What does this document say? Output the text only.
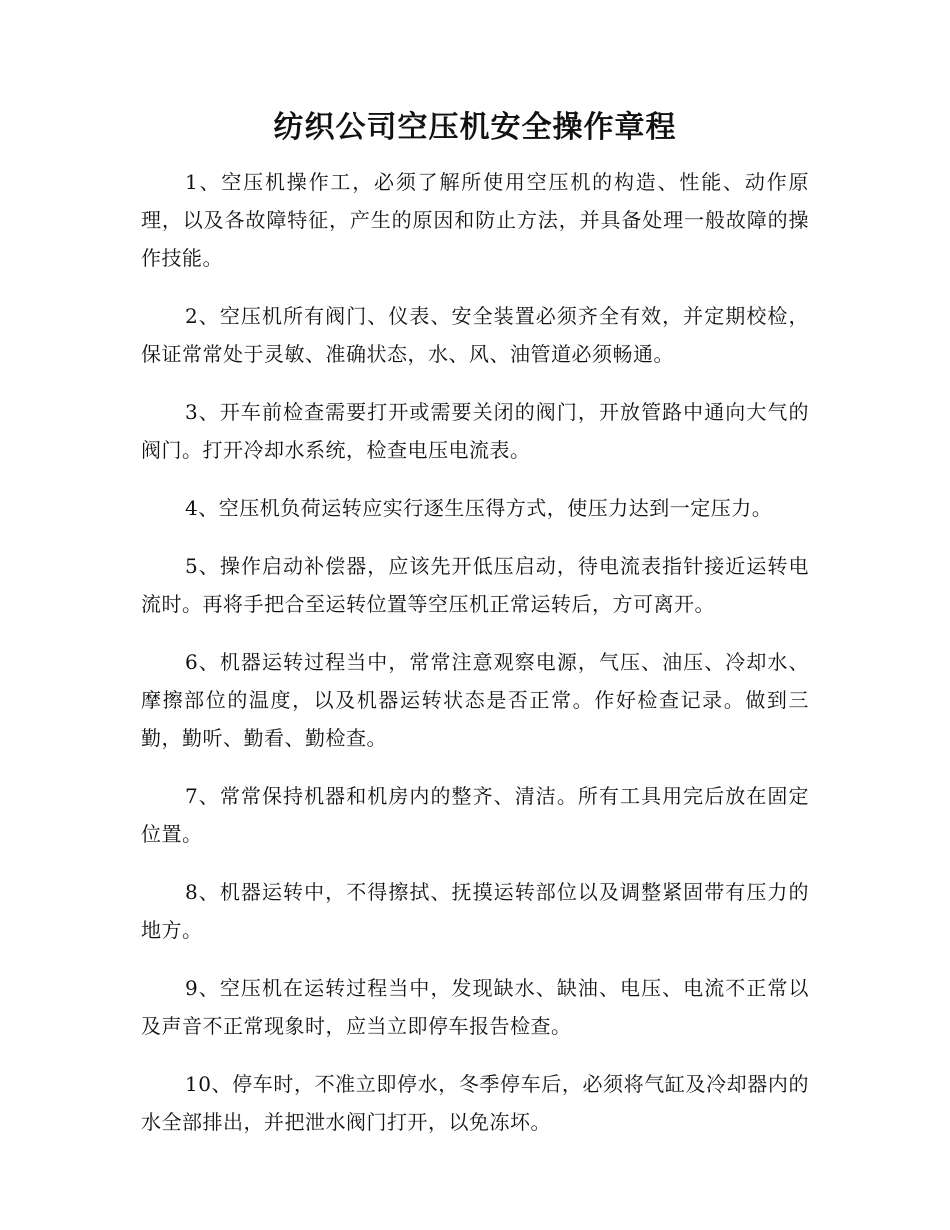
纺织公司空压机安全操作章程

1、空压机操作工，必须了解所使用空压机的构造、性能、动作原理，以及各故障特征，产生的原因和防止方法，并具备处理一般故障的操作技能。

2、空压机所有阀门、仪表、安全装置必须齐全有效，并定期校检，保证常常处于灵敏、准确状态，水、风、油管道必须畅通。

3、开车前检查需要打开或需要关闭的阀门，开放管路中通向大气的阀门。打开冷却水系统，检查电压电流表。

4、空压机负荷运转应实行逐生压得方式，使压力达到一定压力。

5、操作启动补偿器，应该先开低压启动，待电流表指针接近运转电流时。再将手把合至运转位置等空压机正常运转后，方可离开。

6、机器运转过程当中，常常注意观察电源，气压、油压、冷却水、摩擦部位的温度，以及机器运转状态是否正常。作好检查记录。做到三勤，勤听、勤看、勤检查。

7、常常保持机器和机房内的整齐、清洁。所有工具用完后放在固定位置。

8、机器运转中，不得擦拭、抚摸运转部位以及调整紧固带有压力的地方。

9、空压机在运转过程当中，发现缺水、缺油、电压、电流不正常以及声音不正常现象时，应当立即停车报告检查。

10、停车时，不准立即停水，冬季停车后，必须将气缸及冷却器内的水全部排出，并把泄水阀门打开，以免冻坏。
